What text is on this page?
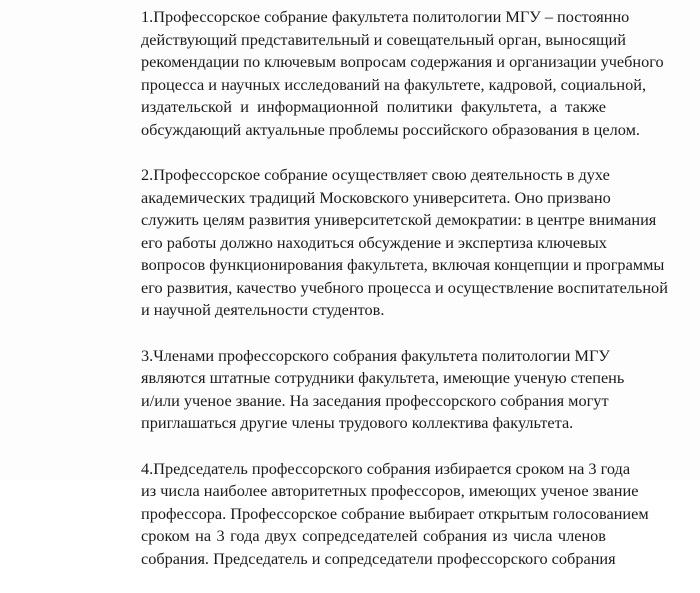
1.Профессорское собрание факультета политологии МГУ – постоянно
действующий представительный и совещательный орган, выносящий
рекомендации по ключевым вопросам содержания и организации учебного
процесса и научных исследований на факультете, кадровой, социальной,
издательской и информационной политики факультета, а также
обсуждающий актуальные проблемы российского образования в целом.
2.Профессорское собрание осуществляет свою деятельность в духе
академических традиций Московского университета. Оно призвано
служить целям развития университетской демократии: в центре внимания
его работы должно находиться обсуждение и экспертиза ключевых
вопросов функционирования факультета, включая концепции и программы
его развития, качество учебного процесса и осуществление воспитательной
и научной деятельности студентов.
3.Членами профессорского собрания факультета политологии МГУ
являются штатные сотрудники факультета, имеющие ученую степень
и/или ученое звание. На заседания профессорского собрания могут
приглашаться другие члены трудового коллектива факультета.
4.Председатель профессорского собрания избирается сроком на 3 года
из числа наиболее авторитетных профессоров, имеющих ученое звание
профессора. Профессорское собрание выбирает открытым голосованием
сроком на 3 года двух сопредседателей собрания из числа членов
собрания. Председатель и сопредседатели профессорского собрания
